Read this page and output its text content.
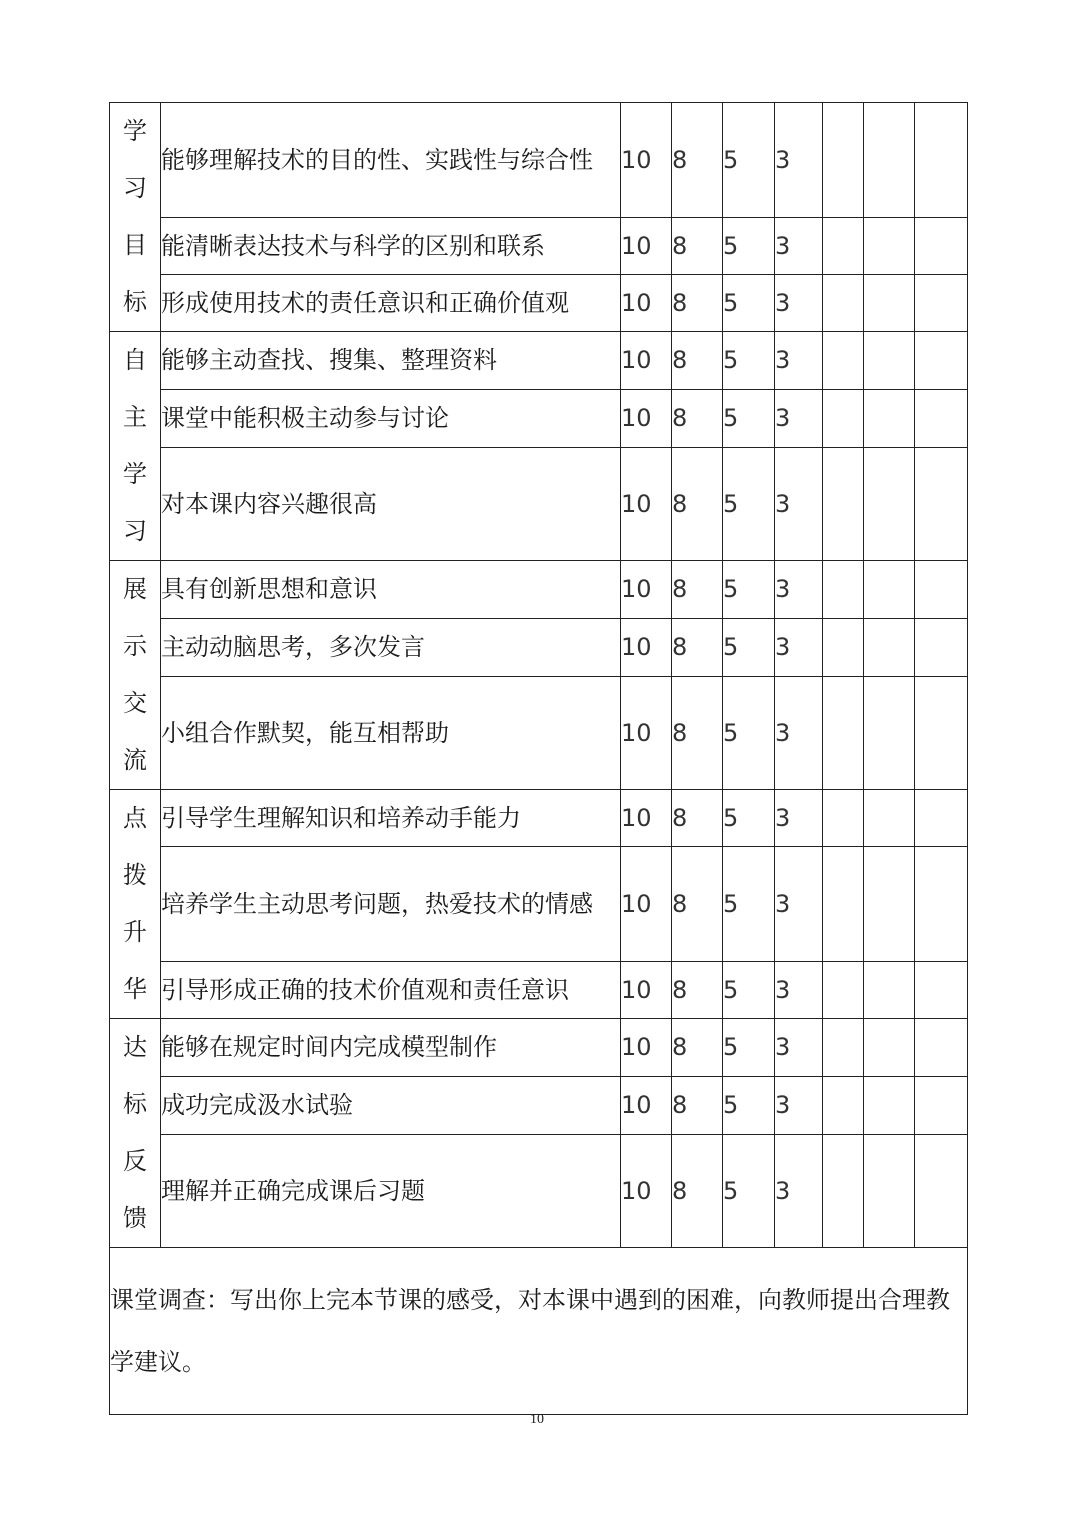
学
习
目
标	能够理解技术的目的性、实践性与综合性	10	8	5	3			
	能清晰表达技术与科学的区别和联系	10	8	5	3			
	形成使用技术的责任意识和正确价值观	10	8	5	3			

自
主
学
习	能够主动查找、搜集、整理资料	10	8	5	3			
	课堂中能积极主动参与讨论	10	8	5	3			
	对本课内容兴趣很高	10	8	5	3			

展
示
交
流	具有创新思想和意识	10	8	5	3			
	主动动脑思考，多次发言	10	8	5	3			
	小组合作默契，能互相帮助	10	8	5	3			

点
拨
升
华	引导学生理解知识和培养动手能力	10	8	5	3			
	培养学生主动思考问题，热爱技术的情感	10	8	5	3			
	引导形成正确的技术价值观和责任意识	10	8	5	3			

达
标
反
馈	能够在规定时间内完成模型制作	10	8	5	3			
	成功完成汲水试验	10	8	5	3			
	理解并正确完成课后习题	10	8	5	3			
课堂调查：写出你上完本节课的感受，对本课中遇到的困难，向教师提出合理教学建议。								
10
